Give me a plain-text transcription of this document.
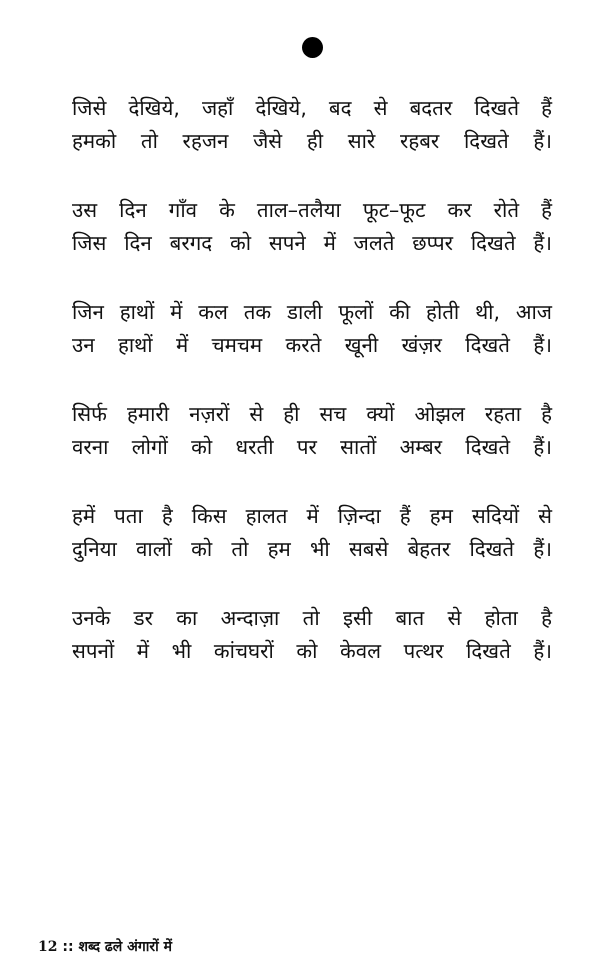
जिसे देखिये, जहाँ देखिये, बद से बदतर दिखते हैं
हमको तो रहजन जैसे ही सारे रहबर दिखते हैं।
उस दिन गाँव के ताल–तलैया फूट–फूट कर रोते हैं
जिस दिन बरगद को सपने में जलते छप्पर दिखते हैं।
जिन हाथों में कल तक डाली फूलों की होती थी, आज
उन हाथों में चमचम करते खूनी खंज़र दिखते हैं।
सिर्फ हमारी नज़रों से ही सच क्यों ओझल रहता है
वरना लोगों को धरती पर सातों अम्बर दिखते हैं।
हमें पता है किस हालत में ज़िन्दा हैं हम सदियों से
दुनिया वालों को तो हम भी सबसे बेहतर दिखते हैं।
उनके डर का अन्दाज़ा तो इसी बात से होता है
सपनों में भी कांचघरों को केवल पत्थर दिखते हैं।
12 :: शब्द ढले अंगारों में
